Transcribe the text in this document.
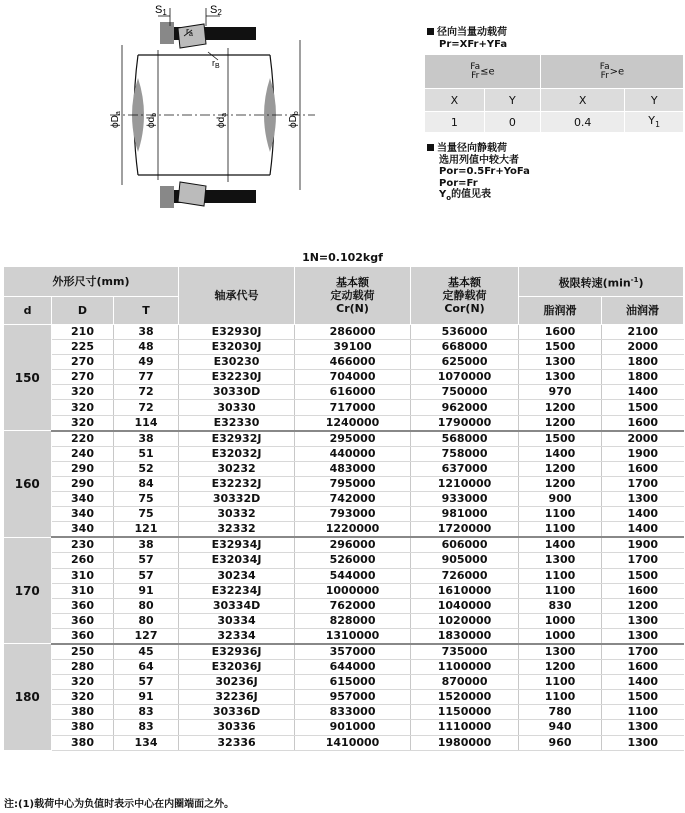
S1	S2
$r_a$
$r_B$
$\phi D_a$
$\phi d_b$
$\phi d_a$
$\phi D_b$
径向当量动载荷
Pr=XFr+YFa
Fa
Fr ≤e		Fa
Fr >e	
X	Y	X	Y
1	0	0.4	$Y_1$
当量径向静载荷
选用列值中较大者
Por=0.5Fr+YoFa
Por=Fr
$Y_o$的值见表
1N=0.102kgf
外形尺寸(mm)			轴承代号	基本额
定动载荷
Cr(N)	基本额
定静载荷
Cor(N)	极限转速$(\min^{-1})$	
d	D	T				脂润滑	油润滑
150	210	38	E32930J	286000	536000	1600	2100
	225	48	E32030J	39100	668000	1500	2000
	270	49	E30230	466000	625000	1300	1800
	270	77	E32230J	704000	1070000	1300	1800
	320	72	30330D	616000	750000	970	1400
	320	72	30330	717000	962000	1200	1500
	320	114	E32330	1240000	1790000	1200	1600
160	220	38	E32932J	295000	568000	1500	2000
	240	51	E32032J	440000	758000	1400	1900
	290	52	30232	483000	637000	1200	1600
	290	84	E32232J	795000	1210000	1200	1700
	340	75	30332D	742000	933000	900	1300
	340	75	30332	793000	981000	1100	1400
	340	121	32332	1220000	1720000	1100	1400
170	230	38	E32934J	296000	606000	1400	1900
	260	57	E32034J	526000	905000	1300	1700
	310	57	30234	544000	726000	1100	1500
	310	91	E32234J	1000000	1610000	1100	1600
	360	80	30334D	762000	1040000	830	1200
	360	80	30334	828000	1020000	1000	1300
	360	127	32334	1310000	1830000	1000	1300
180	250	45	E32936J	357000	735000	1300	1700
	280	64	E32036J	644000	1100000	1200	1600
	320	57	30236J	615000	870000	1100	1400
	320	91	32236J	957000	1520000	1100	1500
	380	83	30336D	833000	1150000	780	1100
	380	83	30336	901000	1110000	940	1300
	380	134	32336	1410000	1980000	960	1300
注:(1)载荷中心为负值时表示中心在内圈端面之外。
